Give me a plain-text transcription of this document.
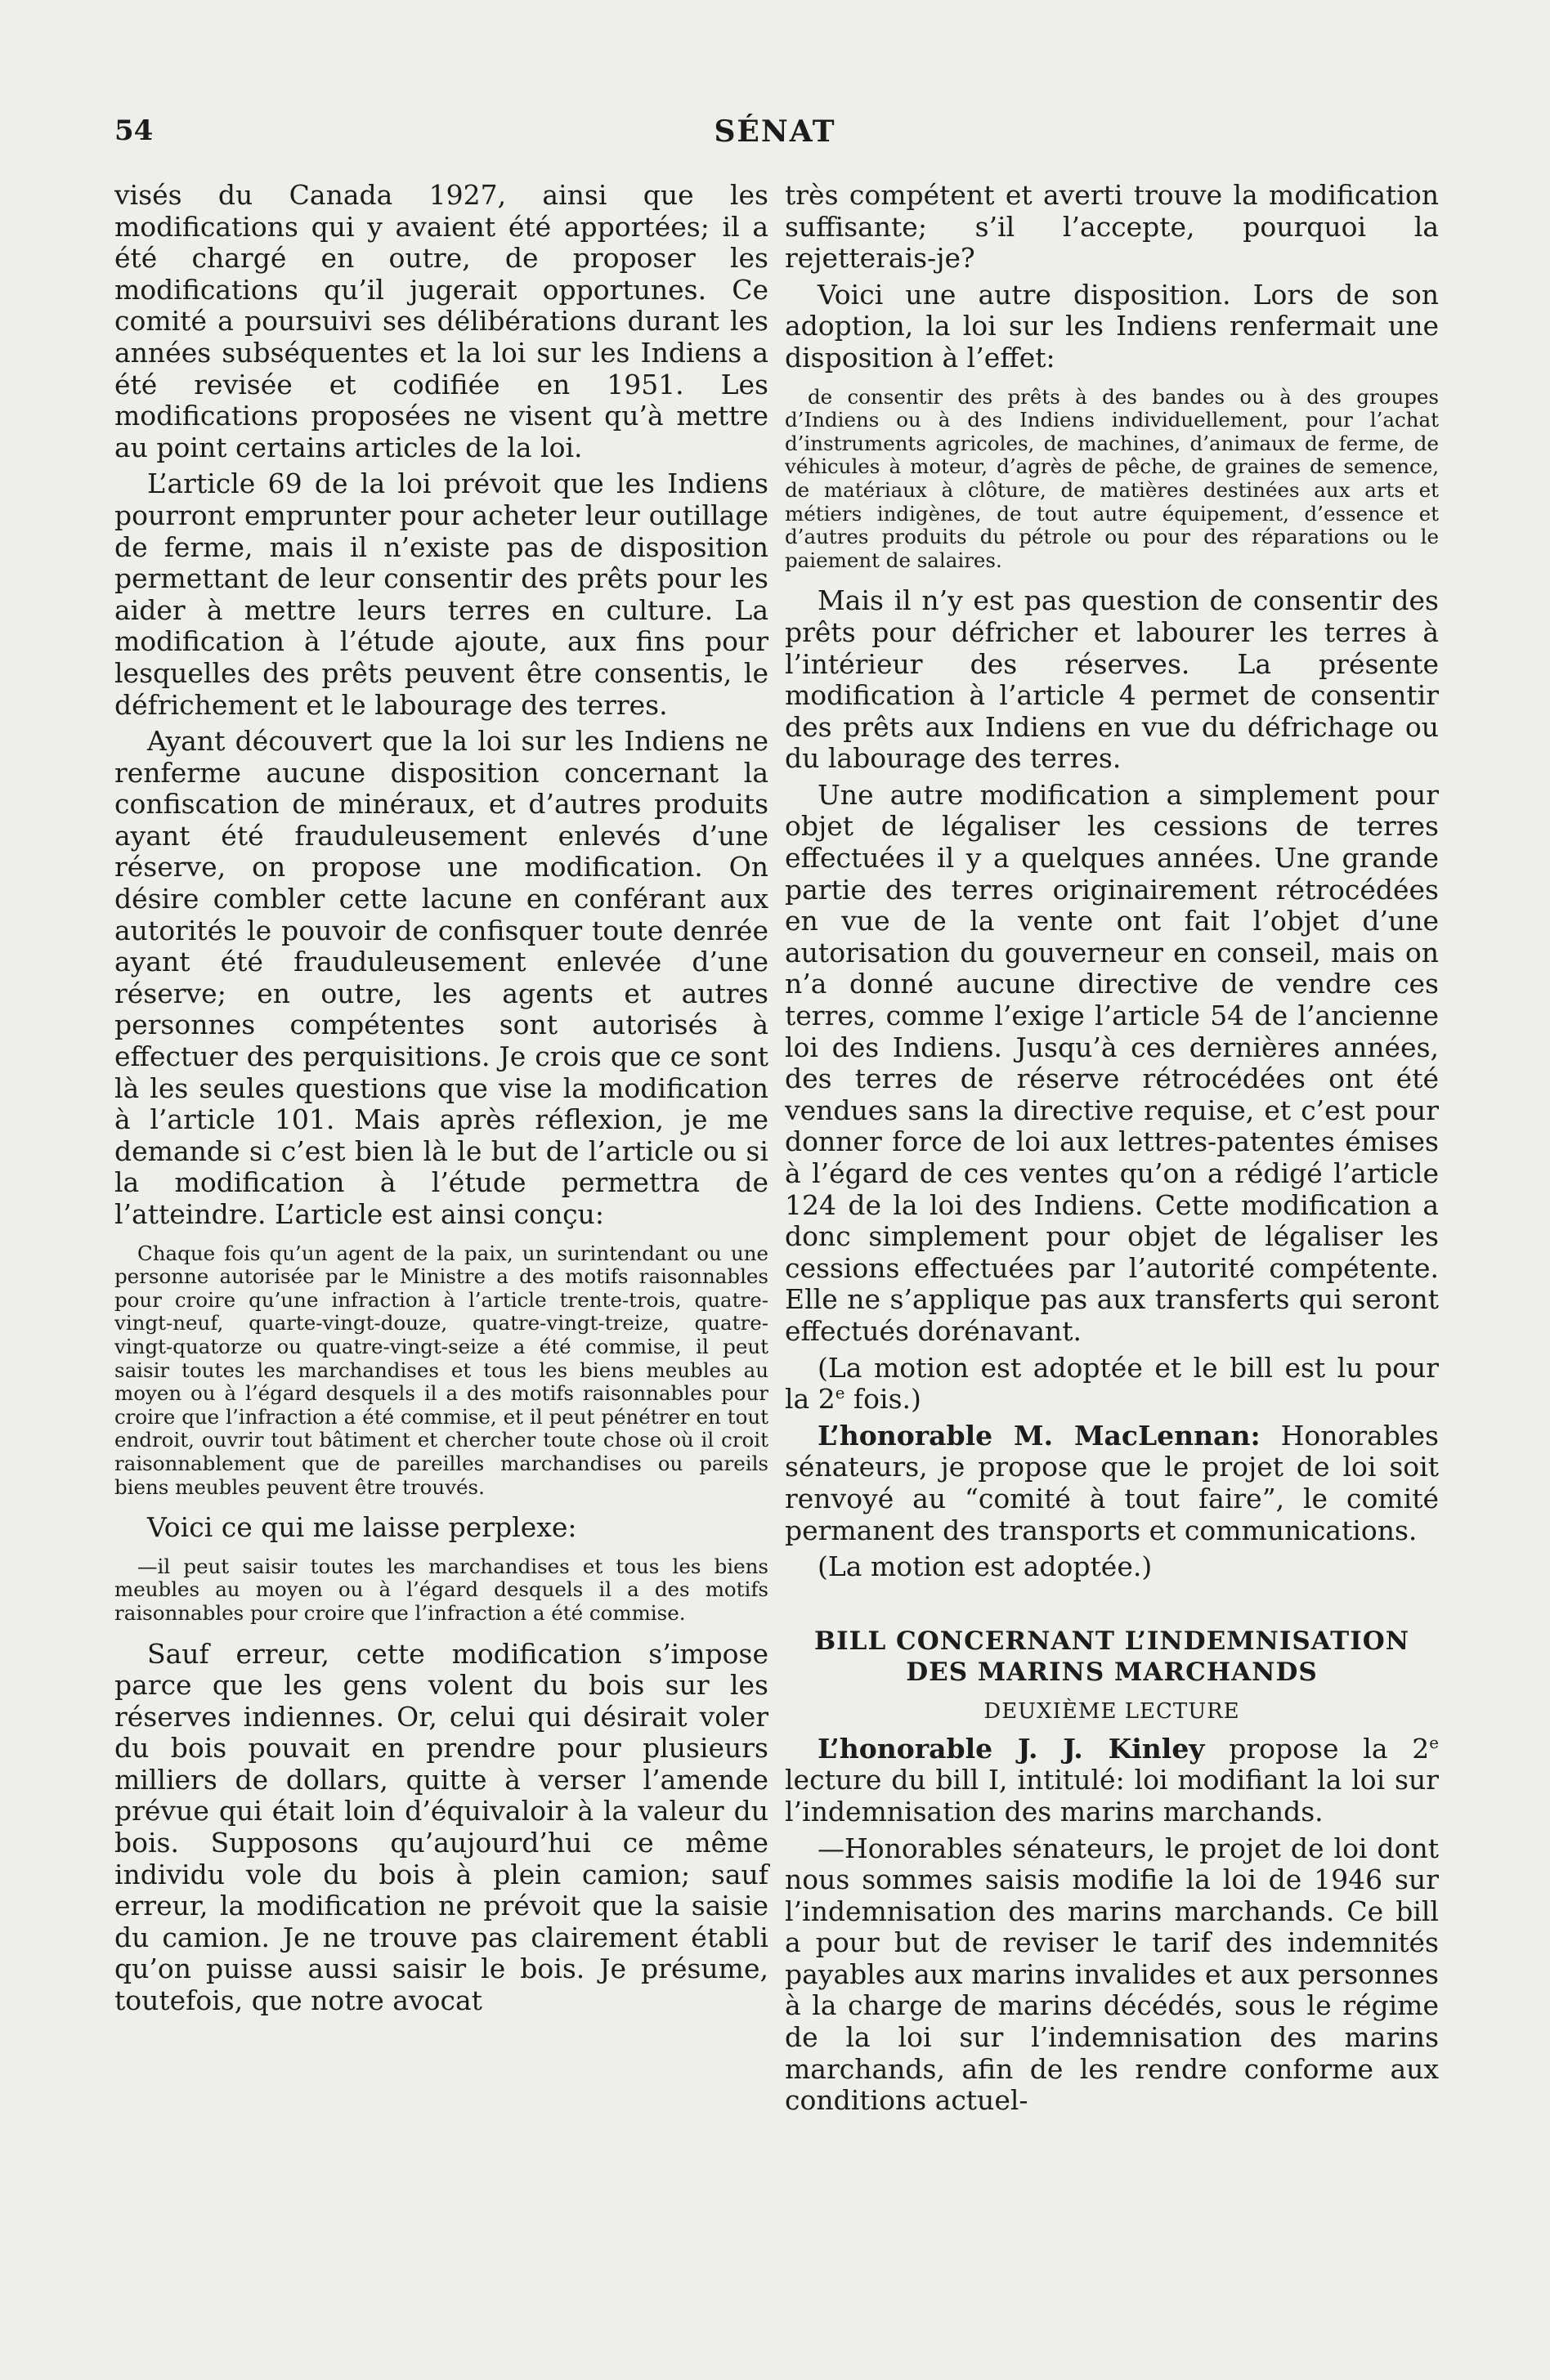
54	SÉNAT

visés du Canada 1927, ainsi que les modifications qui y avaient été apportées; il a été chargé en outre, de proposer les modifications qu’il jugerait opportunes. Ce comité a poursuivi ses délibérations durant les années subséquentes et la loi sur les Indiens a été revisée et codifiée en 1951. Les modifications proposées ne visent qu’à mettre au point certains articles de la loi.

L’article 69 de la loi prévoit que les Indiens pourront emprunter pour acheter leur outillage de ferme, mais il n’existe pas de disposition permettant de leur consentir des prêts pour les aider à mettre leurs terres en culture. La modification à l’étude ajoute, aux fins pour lesquelles des prêts peuvent être consentis, le défrichement et le labourage des terres.

Ayant découvert que la loi sur les Indiens ne renferme aucune disposition concernant la confiscation de minéraux, et d’autres produits ayant été frauduleusement enlevés d’une réserve, on propose une modification. On désire combler cette lacune en conférant aux autorités le pouvoir de confisquer toute denrée ayant été frauduleusement enlevée d’une réserve; en outre, les agents et autres personnes compétentes sont autorisés à effectuer des perquisitions. Je crois que ce sont là les seules questions que vise la modification à l’article 101. Mais après réflexion, je me demande si c’est bien là le but de l’article ou si la modification à l’étude permettra de l’atteindre. L’article est ainsi conçu:

Chaque fois qu’un agent de la paix, un surintendant ou une personne autorisée par le Ministre a des motifs raisonnables pour croire qu’une infraction à l’article trente-trois, quatre-vingt-neuf, quarte-vingt-douze, quatre-vingt-treize, quatre-vingt-quatorze ou quatre-vingt-seize a été commise, il peut saisir toutes les marchandises et tous les biens meubles au moyen ou à l’égard desquels il a des motifs raisonnables pour croire que l’infraction a été commise, et il peut pénétrer en tout endroit, ouvrir tout bâtiment et chercher toute chose où il croit raisonnablement que de pareilles marchandises ou pareils biens meubles peuvent être trouvés.

Voici ce qui me laisse perplexe:

—il peut saisir toutes les marchandises et tous les biens meubles au moyen ou à l’égard desquels il a des motifs raisonnables pour croire que l’infraction a été commise.

Sauf erreur, cette modification s’impose parce que les gens volent du bois sur les réserves indiennes. Or, celui qui désirait voler du bois pouvait en prendre pour plusieurs milliers de dollars, quitte à verser l’amende prévue qui était loin d’équivaloir à la valeur du bois. Supposons qu’aujourd’hui ce même individu vole du bois à plein camion; sauf erreur, la modification ne prévoit que la saisie du camion. Je ne trouve pas clairement établi qu’on puisse aussi saisir le bois. Je présume, toutefois, que notre avocat

très compétent et averti trouve la modification suffisante; s’il l’accepte, pourquoi la rejetterais-je?

Voici une autre disposition. Lors de son adoption, la loi sur les Indiens renfermait une disposition à l’effet:

de consentir des prêts à des bandes ou à des groupes d’Indiens ou à des Indiens individuellement, pour l’achat d’instruments agricoles, de machines, d’animaux de ferme, de véhicules à moteur, d’agrès de pêche, de graines de semence, de matériaux à clôture, de matières destinées aux arts et métiers indigènes, de tout autre équipement, d’essence et d’autres produits du pétrole ou pour des réparations ou le paiement de salaires.

Mais il n’y est pas question de consentir des prêts pour défricher et labourer les terres à l’intérieur des réserves. La présente modification à l’article 4 permet de consentir des prêts aux Indiens en vue du défrichage ou du labourage des terres.

Une autre modification a simplement pour objet de légaliser les cessions de terres effectuées il y a quelques années. Une grande partie des terres originairement rétrocédées en vue de la vente ont fait l’objet d’une autorisation du gouverneur en conseil, mais on n’a donné aucune directive de vendre ces terres, comme l’exige l’article 54 de l’ancienne loi des Indiens. Jusqu’à ces dernières années, des terres de réserve rétrocédées ont été vendues sans la directive requise, et c’est pour donner force de loi aux lettres-patentes émises à l’égard de ces ventes qu’on a rédigé l’article 124 de la loi des Indiens. Cette modification a donc simplement pour objet de légaliser les cessions effectuées par l’autorité compétente. Elle ne s’applique pas aux transferts qui seront effectués dorénavant.

(La motion est adoptée et le bill est lu pour la 2e fois.)

L’honorable M. MacLennan: Honorables sénateurs, je propose que le projet de loi soit renvoyé au “comité à tout faire”, le comité permanent des transports et communications.

(La motion est adoptée.)

BILL CONCERNANT L’INDEMNISATION
DES MARINS MARCHANDS
DEUXIÈME LECTURE

L’honorable J. J. Kinley propose la 2e lecture du bill I, intitulé: loi modifiant la loi sur l’indemnisation des marins marchands.

—Honorables sénateurs, le projet de loi dont nous sommes saisis modifie la loi de 1946 sur l’indemnisation des marins marchands. Ce bill a pour but de reviser le tarif des indemnités payables aux marins invalides et aux personnes à la charge de marins décédés, sous le régime de la loi sur l’indemnisation des marins marchands, afin de les rendre conforme aux conditions actuel-
